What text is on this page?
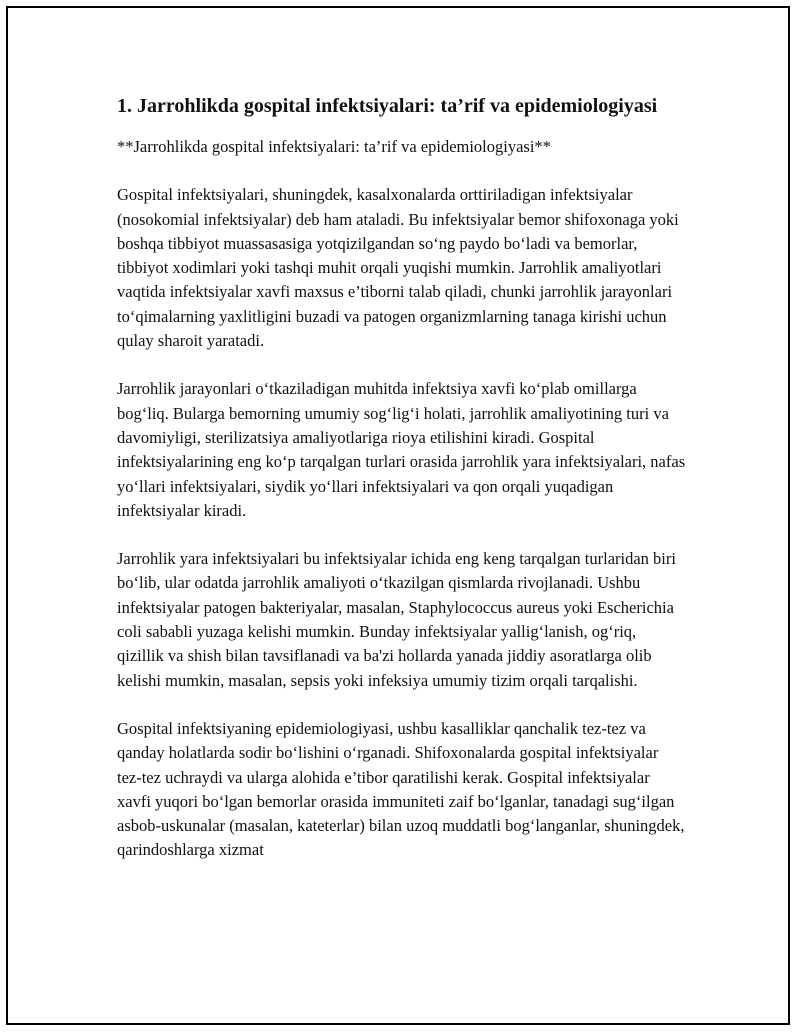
1. Jarrohlikda gospital infektsiyalari: ta’rif va epidemiologiyasi

**Jarrohlikda gospital infektsiyalari: ta’rif va epidemiologiyasi**

Gospital infektsiyalari, shuningdek, kasalxonalarda orttiriladigan infektsiyalar (nosokomial infektsiyalar) deb ham ataladi. Bu infektsiyalar bemor shifoxonaga yoki boshqa tibbiyot muassasasiga yotqizilgandan so‘ng paydo bo‘ladi va bemorlar, tibbiyot xodimlari yoki tashqi muhit orqali yuqishi mumkin. Jarrohlik amaliyotlari vaqtida infektsiyalar xavfi maxsus e’tiborni talab qiladi, chunki jarrohlik jarayonlari to‘qimalarning yaxlitligini buzadi va patogen organizmlarning tanaga kirishi uchun qulay sharoit yaratadi.

Jarrohlik jarayonlari o‘tkaziladigan muhitda infektsiya xavfi ko‘plab omillarga bog‘liq. Bularga bemorning umumiy sog‘lig‘i holati, jarrohlik amaliyotining turi va davomiyligi, sterilizatsiya amaliyotlariga rioya etilishini kiradi. Gospital infektsiyalarining eng ko‘p tarqalgan turlari orasida jarrohlik yara infektsiyalari, nafas yo‘llari infektsiyalari, siydik yo‘llari infektsiyalari va qon orqali yuqadigan infektsiyalar kiradi.

Jarrohlik yara infektsiyalari bu infektsiyalar ichida eng keng tarqalgan turlaridan biri bo‘lib, ular odatda jarrohlik amaliyoti o‘tkazilgan qismlarda rivojlanadi. Ushbu infektsiyalar patogen bakteriyalar, masalan, Staphylococcus aureus yoki Escherichia coli sababli yuzaga kelishi mumkin. Bunday infektsiyalar yallig‘lanish, og‘riq, qizillik va shish bilan tavsiflanadi va ba'zi hollarda yanada jiddiy asoratlarga olib kelishi mumkin, masalan, sepsis yoki infeksiya umumiy tizim orqali tarqalishi.

Gospital infektsiyaning epidemiologiyasi, ushbu kasalliklar qanchalik tez-tez va qanday holatlarda sodir bo‘lishini o‘rganadi. Shifoxonalarda gospital infektsiyalar tez-tez uchraydi va ularga alohida e’tibor qaratilishi kerak. Gospital infektsiyalar xavfi yuqori bo‘lgan bemorlar orasida immuniteti zaif bo‘lganlar, tanadagi sug‘ilgan asbob-uskunalar (masalan, kateterlar) bilan uzoq muddatli bog‘langanlar, shuningdek, qarindoshlarga xizmat
